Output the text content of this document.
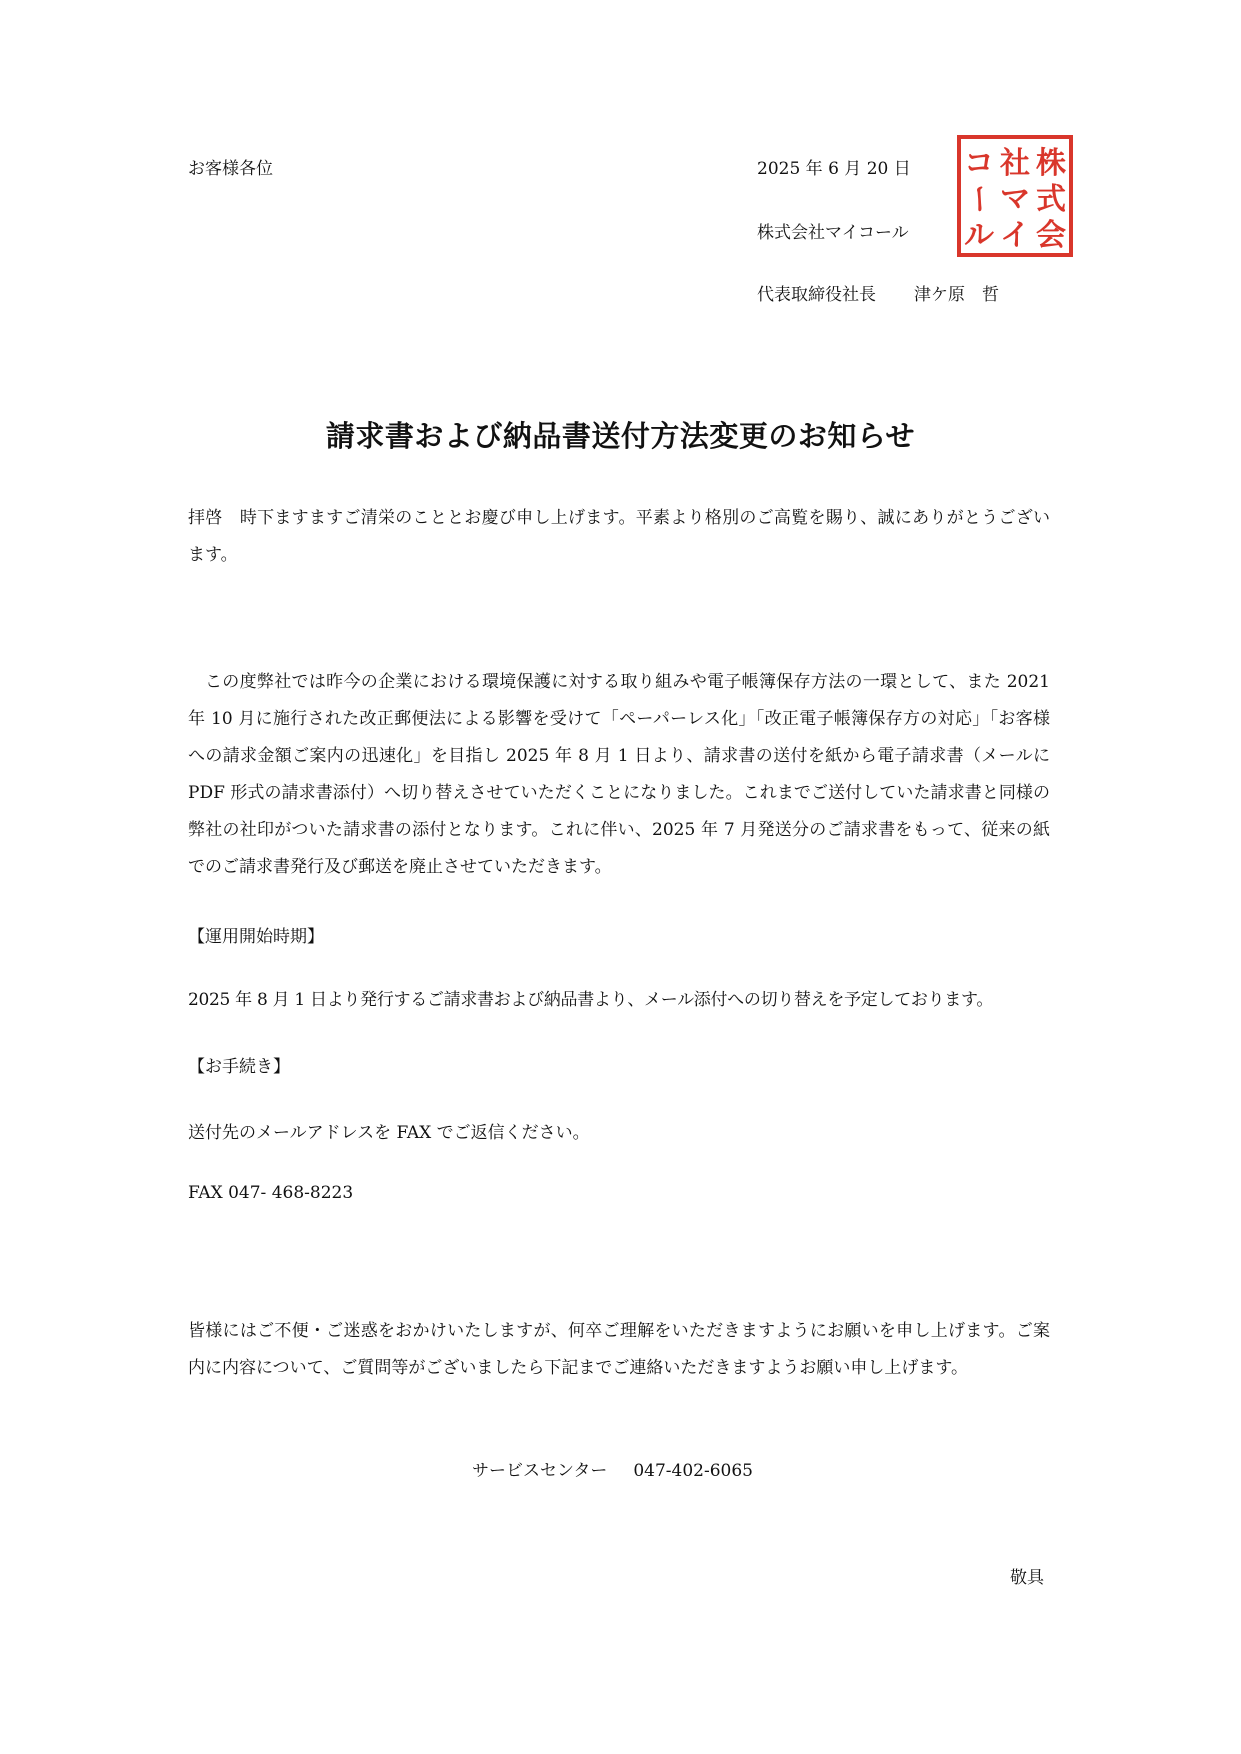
お客様各位	2025 年 6 月 20 日
株式会社マイコール
代表取締役社長 津ケ原　哲
株
式
会
社
マ
イ
コ
ー
ル
請求書および納品書送付方法変更のお知らせ
拝啓　時下ますますご清栄のこととお慶び申し上げます。平素より格別のご高覧を賜り、誠にありがとうございます。
この度弊社では昨今の企業における環境保護に対する取り組みや電子帳簿保存方法の一環として、また 2021 年 10 月に施行された改正郵便法による影響を受けて「ペーパーレス化」「改正電子帳簿保存方の対応」「お客様への請求金額ご案内の迅速化」を目指し 2025 年 8 月 1 日より、請求書の送付を紙から電子請求書（メールに PDF 形式の請求書添付）へ切り替えさせていただくことになりました。これまでご送付していた請求書と同様の弊社の社印がついた請求書の添付となります。これに伴い、2025 年 7 月発送分のご請求書をもって、従来の紙でのご請求書発行及び郵送を廃止させていただきます。
【運用開始時期】
2025 年 8 月 1 日より発行するご請求書および納品書より、メール添付への切り替えを予定しております。
【お手続き】
送付先のメールアドレスを FAX でご返信ください。
FAX 047- 468-8223
皆様にはご不便・ご迷惑をおかけいたしますが、何卒ご理解をいただきますようにお願いを申し上げます。ご案内に内容について、ご質問等がございましたら下記までご連絡いただきますようお願い申し上げます。
サービスセンター 047-402-6065
敬具
